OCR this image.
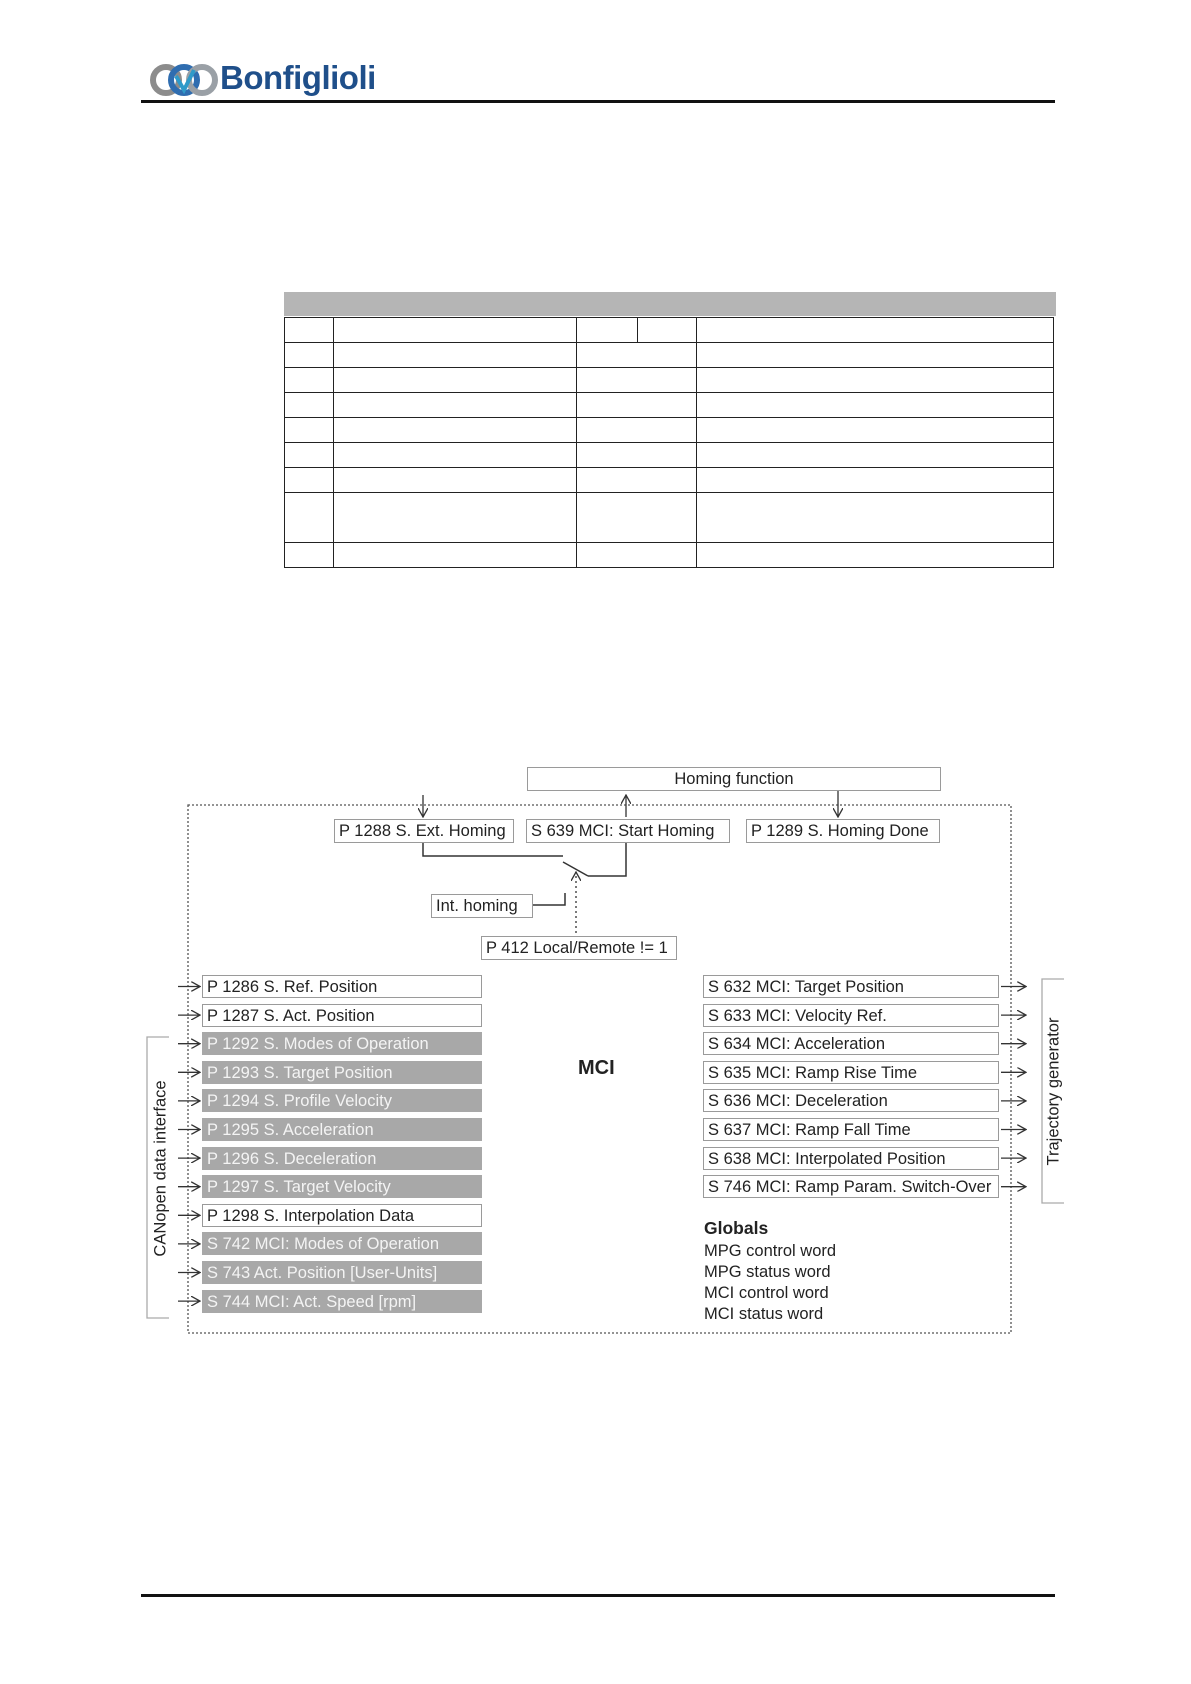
Bonfiglioli

Homing function
P 1288 S. Ext. Homing	S 639 MCI: Start Homing	P 1289 S. Homing Done
Int. homing
P 412 Local/Remote != 1
MCI
CANopen data interface	Trajectory generator
P 1286 S. Ref. Position
P 1287 S. Act. Position
P 1292 S. Modes of Operation
P 1293 S. Target Position
P 1294 S. Profile Velocity
P 1295 S. Acceleration
P 1296 S. Deceleration
P 1297 S. Target Velocity
P 1298 S. Interpolation Data
S 742 MCI: Modes of Operation
S 743 Act. Position [User-Units]
S 744 MCI: Act. Speed [rpm]
S 632 MCI: Target Position
S 633 MCI: Velocity Ref.
S 634 MCI: Acceleration
S 635 MCI: Ramp Rise Time
S 636 MCI: Deceleration
S 637 MCI: Ramp Fall Time
S 638 MCI: Interpolated Position
S 746 MCI: Ramp Param. Switch-Over
Globals
MPG control word
MPG status word
MCI control word
MCI status word
